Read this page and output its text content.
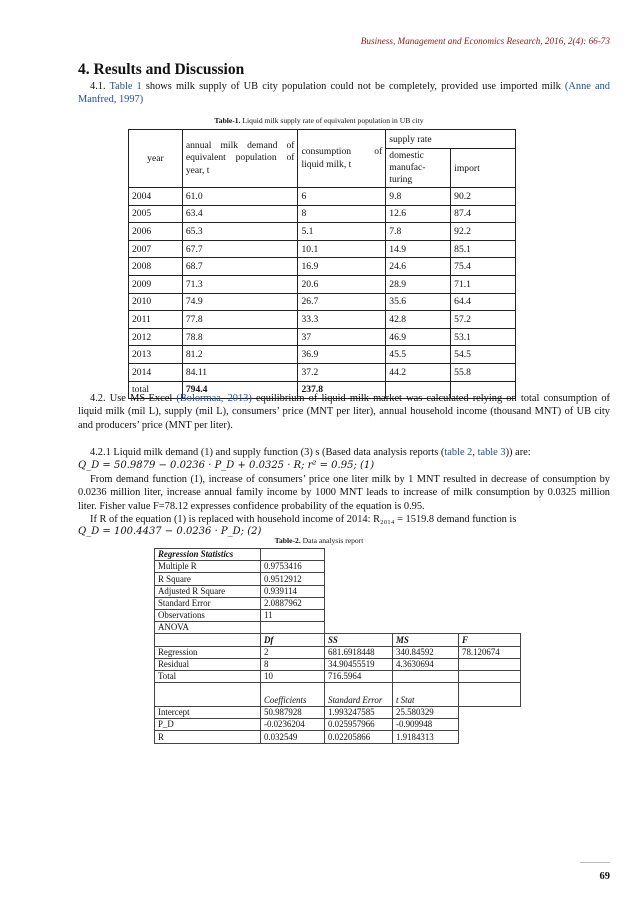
Business, Management and Economics Research, 2016, 2(4): 66-73
4. Results and Discussion

4.1. Table 1 shows milk supply of UB city population could not be completely, provided use imported milk (Anne and Manfred, 1997)

Table-1. Liquid milk supply rate of equivalent population in UB city
year	annual milk demand of equivalent population of year, t	consumption of liquid milk, t	supply rate	
			domestic manufac-turing	import
2004	61.0	6	9.8	90.2
2005	63.4	8	12.6	87.4
2006	65.3	5.1	7.8	92.2
2007	67.7	10.1	14.9	85.1
2008	68.7	16.9	24.6	75.4
2009	71.3	20.6	28.9	71.1
2010	74.9	26.7	35.6	64.4
2011	77.8	33.3	42.8	57.2
2012	78.8	37	46.9	53.1
2013	81.2	36.9	45.5	54.5
2014	84.11	37.2	44.2	55.8
total	794.4	237.8		

4.2. Use MS-Excel (Bolormaa, 2013) equilibrium of liquid milk market was calculated relying on total consumption of liquid milk (mil L), supply (mil L), consumers’ price (MNT per liter), annual household income (thousand MNT) of UB city and producers’ price (MNT per liter).

4.2.1 Liquid milk demand (1) and supply function (3) s (Based data analysis reports (table 2, table 3)) are:

Q_D = 50.9879 − 0.0236 · P_D + 0.0325 · R; r² = 0.95; (1)

From demand function (1), increase of consumers’ price one liter milk by 1 MNT resulted in decrease of consumption by 0.0236 million liter, increase annual family income by 1000 MNT leads to increase of milk consumption by 0.0325 million liter. Fisher value F=78.12 expresses confidence probability of the equation is 0.95.

If R of the equation (1) is replaced with household income of 2014: R₂₀₁₄ = 1519.8 demand function is

Q_D = 100.4437 − 0.0236 · P_D; (2)
Table-2. Data analysis report
Regression Statistics				
Multiple R	0.9753416			
R Square	0.9512912			
Adjusted R Square	0.939114			
Standard Error	2.0887962			
Observations	11			
ANOVA				
	Df	SS	MS	F
Regression	2	681.6918448	340.84592	78.120674
Residual	8	34.90455519	4.3630694	
Total	10	716.5964		
	Coefficients	Standard Error	t Stat	
Intercept	50.987928	1.993247585	25.580329	
P_D	-0.0236204	0.025957966	-0.909948	
R	0.032549	0.02205866	1.9184313	
69
